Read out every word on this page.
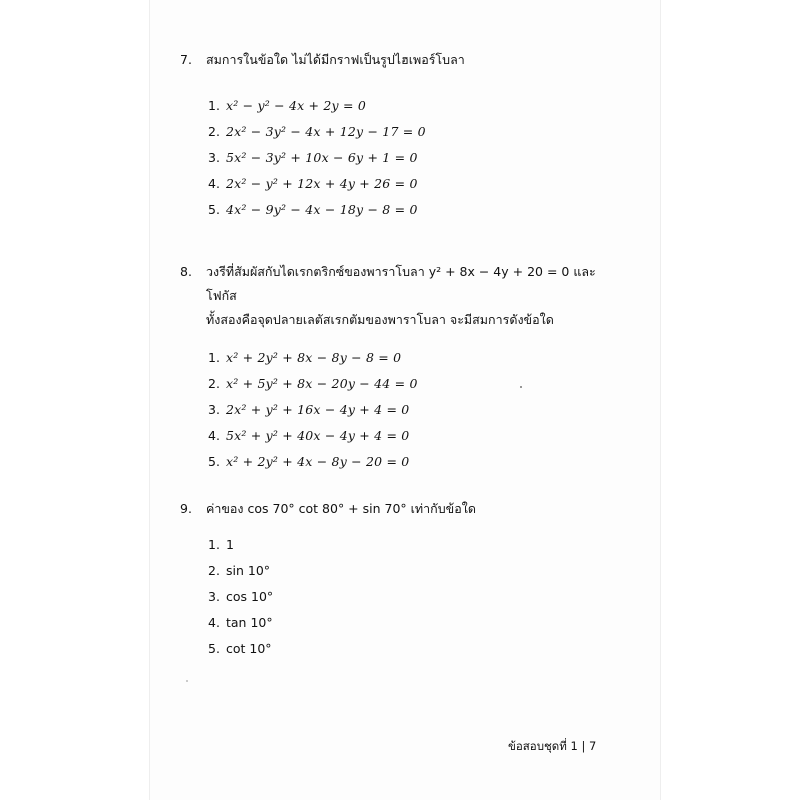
7.	สมการในข้อใด ไม่ได้มีกราฟเป็นรูปไฮเพอร์โบลา
1. x² − y² − 4x + 2y = 0
2. 2x² − 3y² − 4x + 12y − 17 = 0
3. 5x² − 3y² + 10x − 6y + 1 = 0
4. 2x² − y² + 12x + 4y + 26 = 0
5. 4x² − 9y² − 4x − 18y − 8 = 0
8.	วงรีที่สัมผัสกับไดเรกตริกซ์ของพาราโบลา y² + 8x − 4y + 20 = 0 และโฟกัส
ทั้งสองคือจุดปลายเลตัสเรกตัมของพาราโบลา จะมีสมการดังข้อใด
1. x² + 2y² + 8x − 8y − 8 = 0
2. x² + 5y² + 8x − 20y − 44 = 0
3. 2x² + y² + 16x − 4y + 4 = 0
4. 5x² + y² + 40x − 4y + 4 = 0
5. x² + 2y² + 4x − 8y − 20 = 0
9.	ค่าของ cos 70° cot 80° + sin 70° เท่ากับข้อใด
1. 1
2. sin 10°
3. cos 10°
4. tan 10°
5. cot 10°
ข้อสอบชุดที่ 1 | 7
